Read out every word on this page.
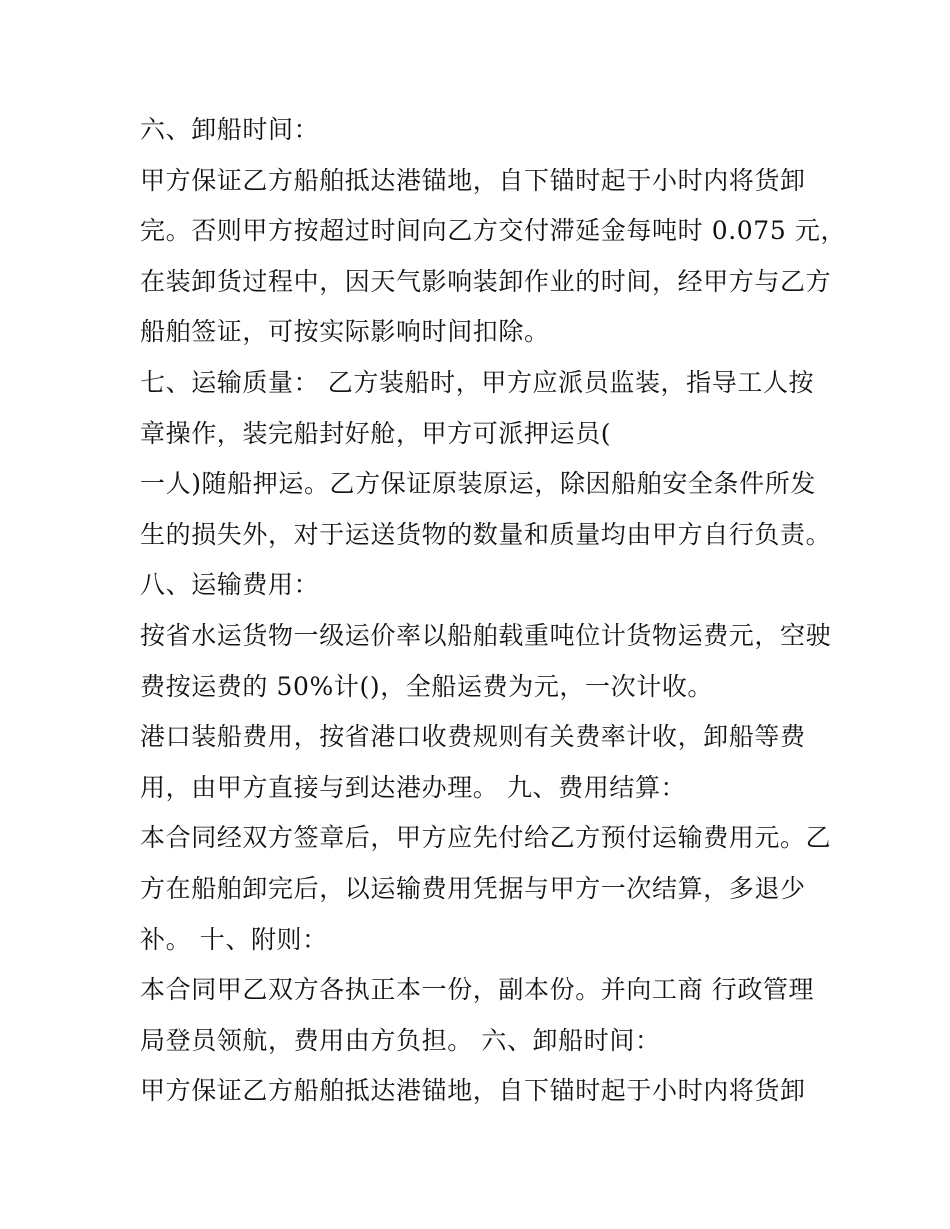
六、卸船时间：
甲方保证乙方船舶抵达港锚地，自下锚时起于小时内将货卸
完。否则甲方按超过时间向乙方交付滞延金每吨时 0.075 元，
在装卸货过程中，因天气影响装卸作业的时间，经甲方与乙方
船舶签证，可按实际影响时间扣除。
七、运输质量： 乙方装船时，甲方应派员监装，指导工人按
章操作，装完船封好舱，甲方可派押运员(
一人)随船押运。乙方保证原装原运，除因船舶安全条件所发
生的损失外，对于运送货物的数量和质量均由甲方自行负责。
八、运输费用：
按省水运货物一级运价率以船舶载重吨位计货物运费元，空驶
费按运费的 50%计()，全船运费为元，一次计收。
港口装船费用，按省港口收费规则有关费率计收，卸船等费
用，由甲方直接与到达港办理。 九、费用结算：
本合同经双方签章后，甲方应先付给乙方预付运输费用元。乙
方在船舶卸完后，以运输费用凭据与甲方一次结算，多退少
补。 十、附则：
本合同甲乙双方各执正本一份，副本份。并向工商 行政管理
局登员领航，费用由方负担。 六、卸船时间：
甲方保证乙方船舶抵达港锚地，自下锚时起于小时内将货卸
